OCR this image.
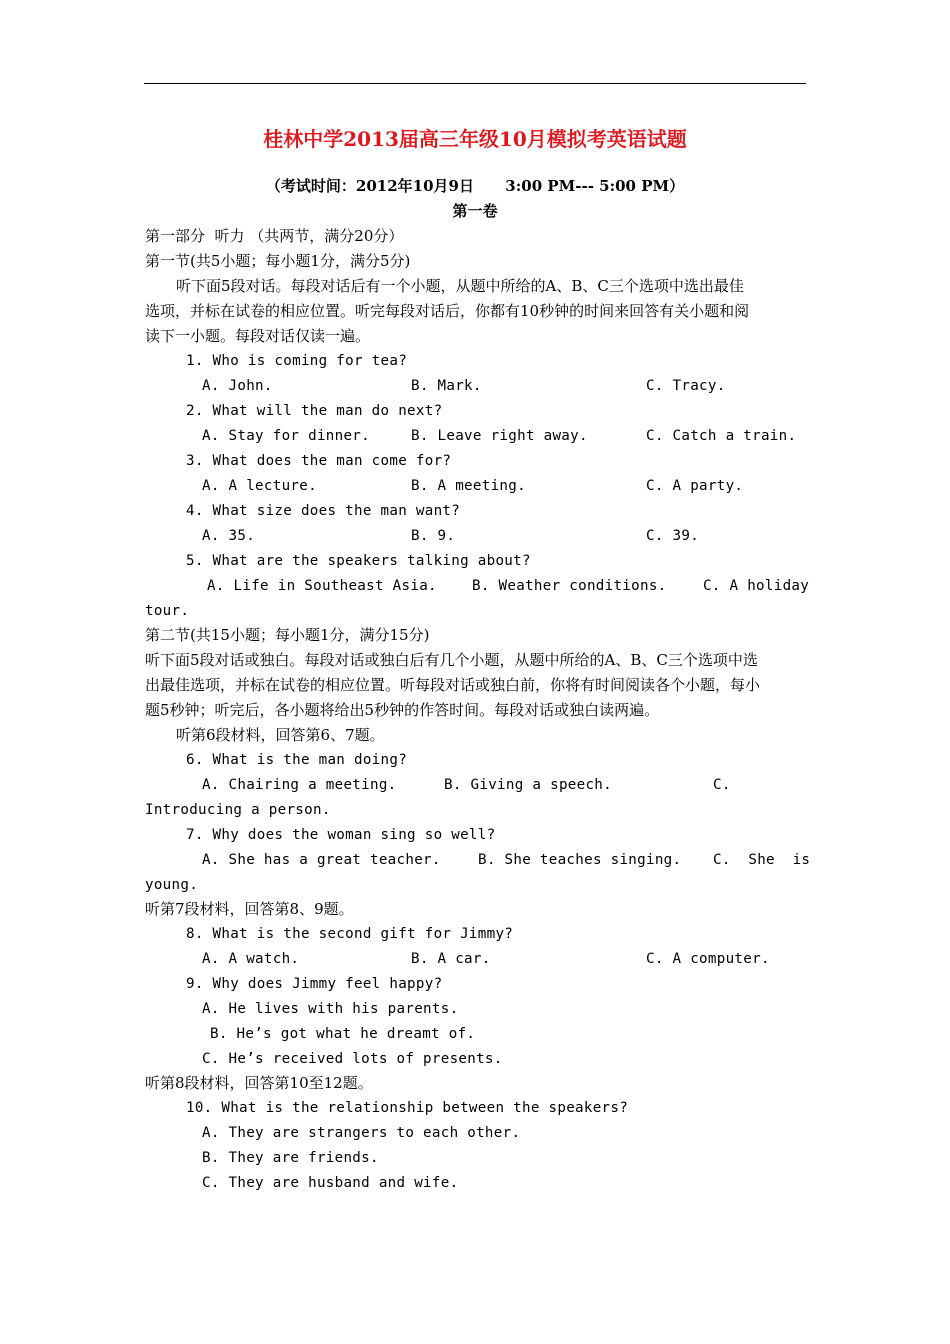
桂林中学2013届高三年级10月模拟考英语试题
（考试时间：2012年10月9日      3:00 PM--- 5:00 PM）
第一卷
第一部分  听力 （共两节，满分20分）
第一节(共5小题；每小题1分，满分5分)
听下面5段对话。每段对话后有一个小题，从题中所给的A、B、C三个选项中选出最佳
选项，并标在试卷的相应位置。听完每段对话后，你都有10秒钟的时间来回答有关小题和阅
读下一小题。每段对话仅读一遍。
1. Who is coming for tea?
A. John.	B. Mark.	C. Tracy.
2. What will the man do next?
A. Stay for dinner.	B. Leave right away.	C. Catch a train.
3. What does the man come for?
A. A lecture.	B. A meeting.	C. A party.
4. What size does the man want?
A. 35.	B. 9.	C. 39.
5. What are the speakers talking about?
A. Life in Southeast Asia. B. Weather conditions.	C. A holiday
tour.
第二节(共15小题；每小题1分，满分15分)
听下面5段对话或独白。每段对话或独白后有几个小题，从题中所给的A、B、C三个选项中选
出最佳选项，并标在试卷的相应位置。听每段对话或独白前，你将有时间阅读各个小题，每小
题5秒钟；听完后，各小题将给出5秒钟的作答时间。每段对话或独白读两遍。
听第6段材料，回答第6、7题。
6. What is the man doing?
A. Chairing a meeting.	B. Giving a speech.	C.
Introducing a person.
7. Why does the woman sing so well?
A. She has a great teacher.	B. She teaches singing. C.  She  is
young.
听第7段材料，回答第8、9题。
8. What is the second gift for Jimmy?
A. A watch.	B. A car.	C. A computer.
9. Why does Jimmy feel happy?
A. He lives with his parents.
B. He’s got what he dreamt of.
C. He’s received lots of presents.
听第8段材料，回答第10至12题。
10. What is the relationship between the speakers?
A. They are strangers to each other.
B. They are friends.
C. They are husband and wife.
